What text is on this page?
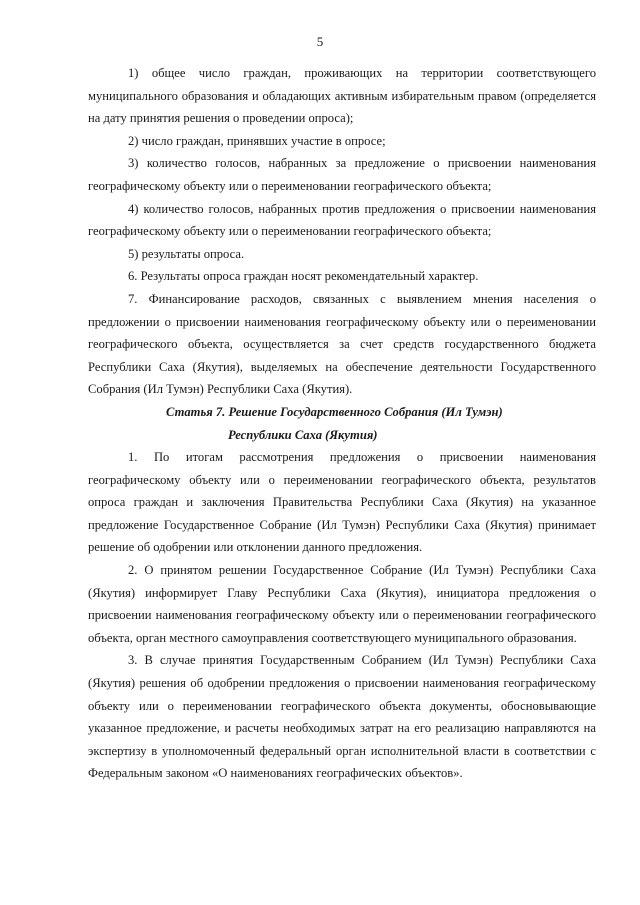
5

1) общее число граждан, проживающих на территории соответствующего муниципального образования и обладающих активным избирательным правом (определяется на дату принятия решения о проведении опроса);

2) число граждан, принявших участие в опросе;

3) количество голосов, набранных за предложение о присвоении наименования географическому объекту или о переименовании географического объекта;

4) количество голосов, набранных против предложения о присвоении наименования географическому объекту или о переименовании географического объекта;

5) результаты опроса.

6. Результаты опроса граждан носят рекомендательный характер.

7. Финансирование расходов, связанных с выявлением мнения населения о предложении о присвоении наименования географическому объекту или о переименовании географического объекта, осуществляется за счет средств государственного бюджета Республики Саха (Якутия), выделяемых на обеспечение деятельности Государственного Собрания (Ил Тумэн) Республики Саха (Якутия).

Статья 7. Решение Государственного Собрания (Ил Тумэн)

Республики Саха (Якутия)

1. По итогам рассмотрения предложения о присвоении наименования географическому объекту или о переименовании географического объекта, результатов опроса граждан и заключения Правительства Республики Саха (Якутия) на указанное предложение Государственное Собрание (Ил Тумэн) Республики Саха (Якутия) принимает решение об одобрении или отклонении данного предложения.

2. О принятом решении Государственное Собрание (Ил Тумэн) Республики Саха (Якутия) информирует Главу Республики Саха (Якутия), инициатора предложения о присвоении наименования географическому объекту или о переименовании географического объекта, орган местного самоуправления соответствующего муниципального образования.

3. В случае принятия Государственным Собранием (Ил Тумэн) Республики Саха (Якутия) решения об одобрении предложения о присвоении наименования географическому объекту или о переименовании географического объекта документы, обосновывающие указанное предложение, и расчеты необходимых затрат на его реализацию направляются на экспертизу в уполномоченный федеральный орган исполнительной власти в соответствии с Федеральным законом «О наименованиях географических объектов».
